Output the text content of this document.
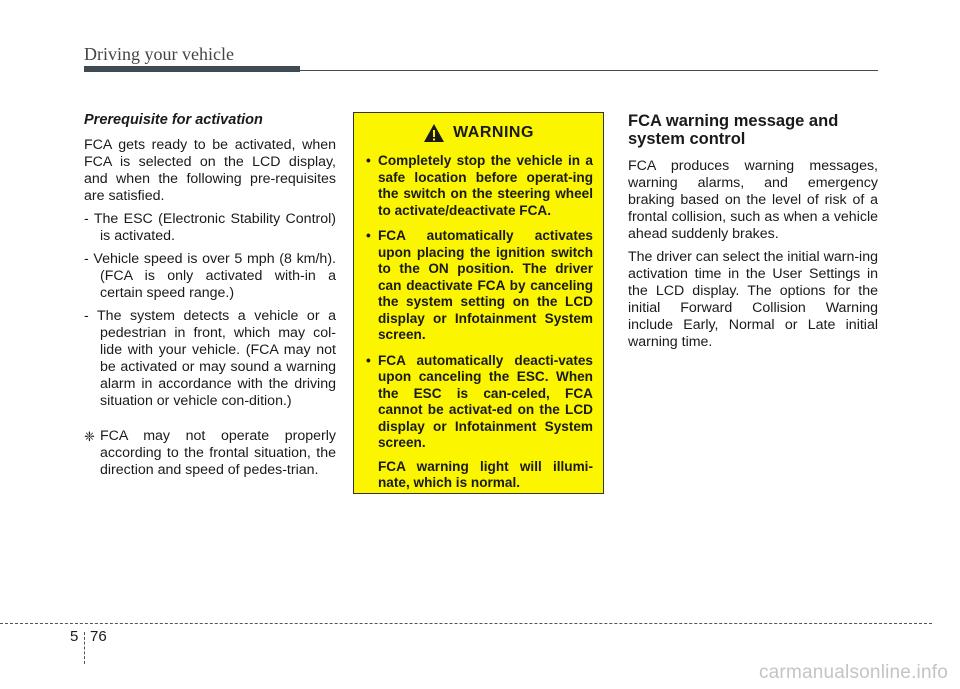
Driving your vehicle
Prerequisite for activation

FCA gets ready to be activated, when FCA is selected on the LCD display, and when the following pre-requisites are satisfied.

- The ESC (Electronic Stability Control) is activated.
- Vehicle speed is over 5 mph (8 km/h). (FCA is only activated with-in a certain speed range.)
- The system detects a vehicle or a pedestrian in front, which may col-lide with your vehicle. (FCA may not be activated or may sound a warning alarm in accordance with the driving situation or vehicle con-dition.)
❈ FCA may not operate properly according to the frontal situation, the direction and speed of pedes-trian.
WARNING
• Completely stop the vehicle in a safe location before operat-ing the switch on the steering wheel to activate/deactivate FCA.
• FCA automatically activates upon placing the ignition switch to the ON position. The driver can deactivate FCA by canceling the system setting on the LCD display or Infotainment System screen.
• FCA automatically deacti-vates upon canceling the ESC. When the ESC is can-celed, FCA cannot be activat-ed on the LCD display or Infotainment System screen.
FCA warning light will illumi-nate, which is normal.
FCA warning message and system control

FCA produces warning messages, warning alarms, and emergency braking based on the level of risk of a frontal collision, such as when a vehicle ahead suddenly brakes.

The driver can select the initial warn-ing activation time in the User Settings in the LCD display. The options for the initial Forward Collision Warning include Early, Normal or Late initial warning time.

5 76
carmanualsonline.info
